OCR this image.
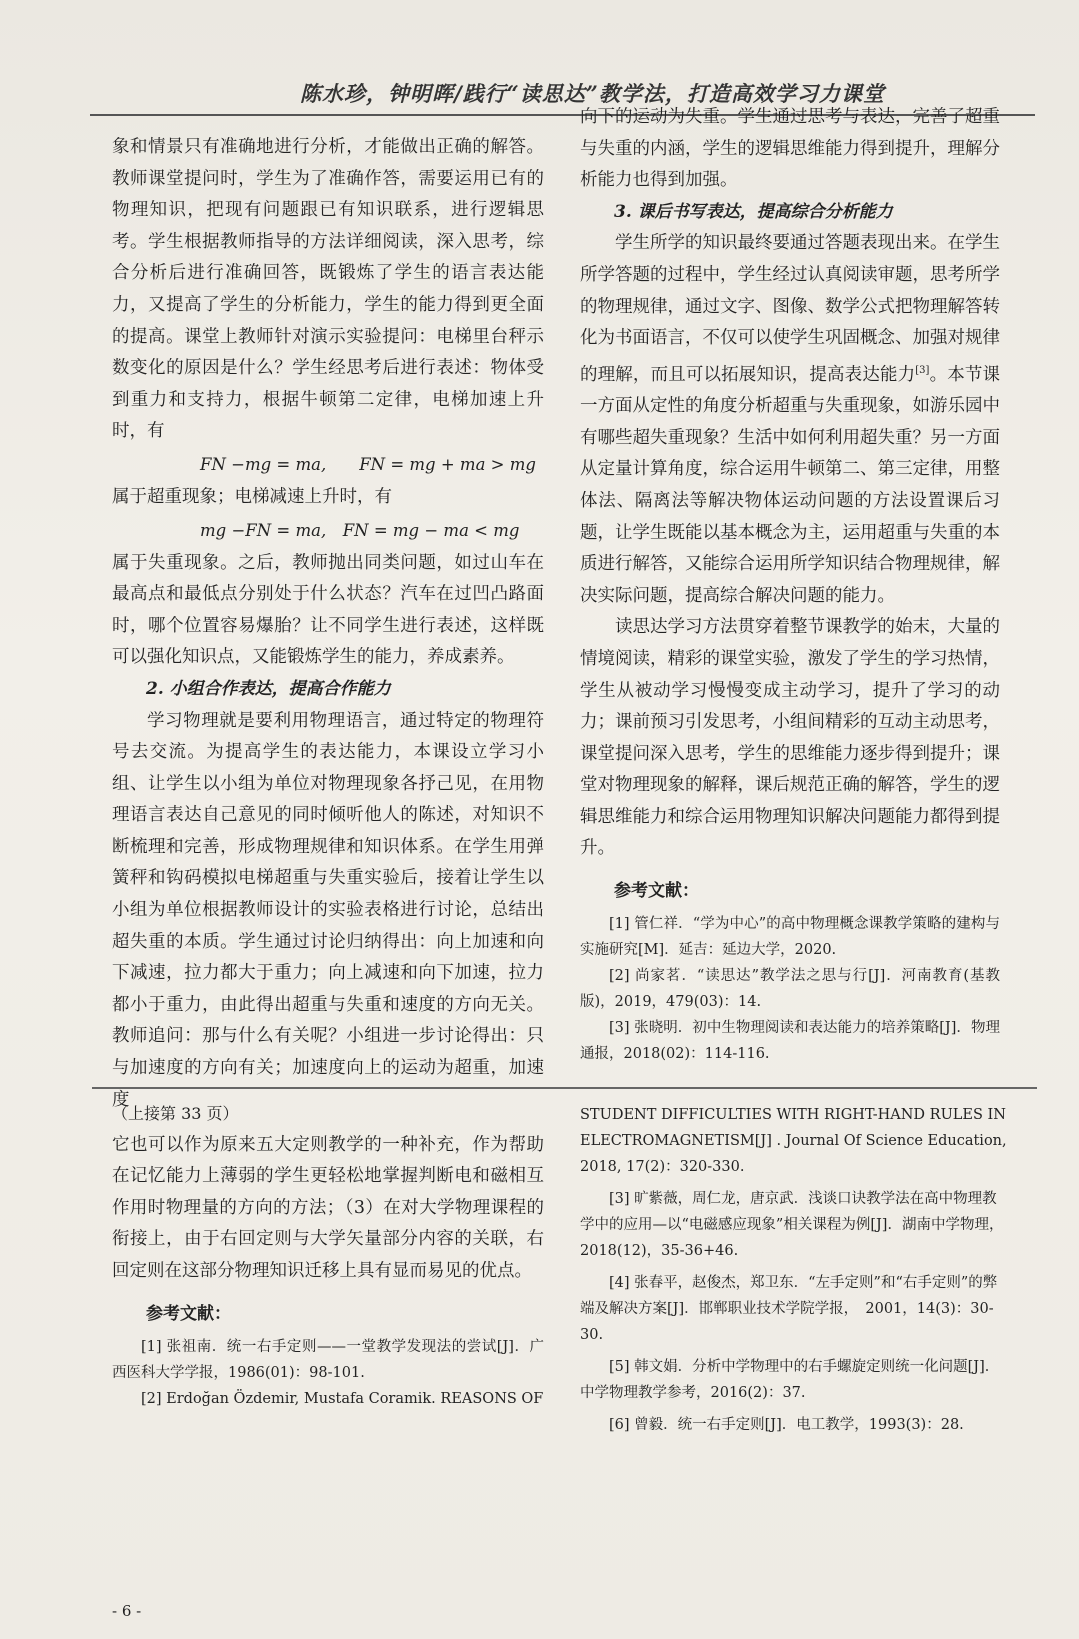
陈水珍，钟明晖/践行“读思达”教学法，打造高效学习力课堂

象和情景只有准确地进行分析，才能做出正确的解答。教师课堂提问时，学生为了准确作答，需要运用已有的物理知识，把现有问题跟已有知识联系，进行逻辑思考。学生根据教师指导的方法详细阅读，深入思考，综合分析后进行准确回答，既锻炼了学生的语言表达能力，又提高了学生的分析能力，学生的能力得到更全面的提高。课堂上教师针对演示实验提问：电梯里台秤示数变化的原因是什么？学生经思考后进行表述：物体受到重力和支持力，根据牛顿第二定律，电梯加速上升时，有

FN −mg = ma,　　FN = mg + ma > mg

属于超重现象；电梯减速上升时，有

mg −FN = ma,　FN = mg − ma < mg

属于失重现象。之后，教师抛出同类问题，如过山车在最高点和最低点分别处于什么状态？汽车在过凹凸路面时，哪个位置容易爆胎？让不同学生进行表述，这样既可以强化知识点，又能锻炼学生的能力，养成素养。

2. 小组合作表达，提高合作能力

学习物理就是要利用物理语言，通过特定的物理符号去交流。为提高学生的表达能力，本课设立学习小组、让学生以小组为单位对物理现象各抒己见，在用物理语言表达自己意见的同时倾听他人的陈述，对知识不断梳理和完善，形成物理规律和知识体系。在学生用弹簧秤和钩码模拟电梯超重与失重实验后，接着让学生以小组为单位根据教师设计的实验表格进行讨论，总结出超失重的本质。学生通过讨论归纳得出：向上加速和向下减速，拉力都大于重力；向上减速和向下加速，拉力都小于重力，由此得出超重与失重和速度的方向无关。教师追问：那与什么有关呢？小组进一步讨论得出：只与加速度的方向有关；加速度向上的运动为超重，加速度

向下的运动为失重。学生通过思考与表达，完善了超重与失重的内涵，学生的逻辑思维能力得到提升，理解分析能力也得到加强。

3. 课后书写表达，提高综合分析能力

学生所学的知识最终要通过答题表现出来。在学生所学答题的过程中，学生经过认真阅读审题，思考所学的物理规律，通过文字、图像、数学公式把物理解答转化为书面语言，不仅可以使学生巩固概念、加强对规律的理解，而且可以拓展知识，提高表达能力[3]。本节课一方面从定性的角度分析超重与失重现象，如游乐园中有哪些超失重现象？生活中如何利用超失重？另一方面从定量计算角度，综合运用牛顿第二、第三定律，用整体法、隔离法等解决物体运动问题的方法设置课后习题，让学生既能以基本概念为主，运用超重与失重的本质进行解答，又能综合运用所学知识结合物理规律，解决实际问题，提高综合解决问题的能力。

读思达学习方法贯穿着整节课教学的始末，大量的情境阅读，精彩的课堂实验，激发了学生的学习热情，学生从被动学习慢慢变成主动学习，提升了学习的动力；课前预习引发思考，小组间精彩的互动主动思考，课堂提问深入思考，学生的思维能力逐步得到提升；课堂对物理现象的解释，课后规范正确的解答，学生的逻辑思维能力和综合运用物理知识解决问题能力都得到提升。

参考文献：

[1] 管仁祥．“学为中心”的高中物理概念课教学策略的建构与实施研究[M]．延吉：延边大学，2020.

[2] 尚家茗．“读思达”教学法之思与行[J]．河南教育(基教版)，2019，479(03)：14.

[3] 张晓明．初中生物理阅读和表达能力的培养策略[J]．物理通报，2018(02)：114-116.

（上接第 33 页）

它也可以作为原来五大定则教学的一种补充，作为帮助在记忆能力上薄弱的学生更轻松地掌握判断电和磁相互作用时物理量的方向的方法；（3）在对大学物理课程的衔接上，由于右回定则与大学矢量部分内容的关联，右回定则在这部分物理知识迁移上具有显而易见的优点。

参考文献：

[1] 张祖南．统一右手定则——一堂教学发现法的尝试[J]．广西医科大学学报，1986(01)：98-101.

[2] Erdoğan Özdemir, Mustafa Coramik. REASONS OF

STUDENT DIFFICULTIES WITH RIGHT-HAND RULES IN ELECTROMAGNETISM[J] . Journal Of Science Education, 2018, 17(2)：320-330.

[3] 旷紫薇，周仁龙，唐京武．浅谈口诀教学法在高中物理教学中的应用—以“电磁感应现象”相关课程为例[J]．湖南中学物理，2018(12)，35-36+46.

[4] 张春平，赵俊杰，郑卫东．“左手定则”和“右手定则”的弊端及解决方案[J]．邯郸职业技术学院学报，　2001，14(3)：30-30.

[5] 韩文娟．分析中学物理中的右手螺旋定则统一化问题[J]．中学物理教学参考，2016(2)：37.

[6] 曾毅．统一右手定则[J]．电工教学，1993(3)：28.

- 6 -
